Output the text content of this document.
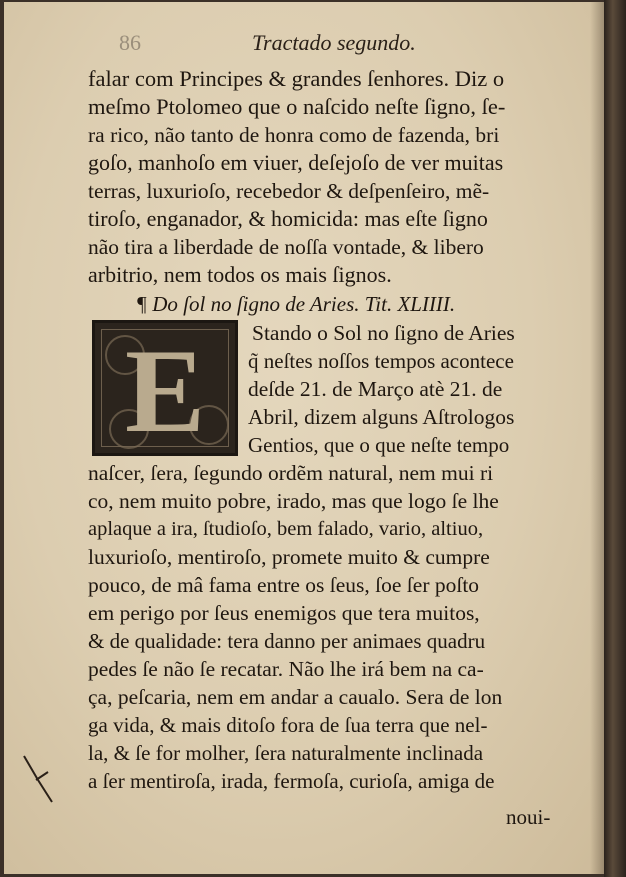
86	Tractado segundo.
falar com Principes & grandes ſenhores. Diz o
meſmo Ptolomeo que o naſcido neſte ſigno, ſe-
ra rico, não tanto de honra como de fazenda, bri
goſo, manhoſo em viuer, deſejoſo de ver muitas
terras, luxurioſo, recebedor & deſpenſeiro, mẽ-
tiroſo, enganador, & homicida: mas eſte ſigno
não tira a liberdade de noſſa vontade, & libero
arbitrio, nem todos os mais ſignos.
¶ Do ſol no ſigno de Aries. Tit. XLIIII.
E	Stando o Sol no ſigno de Aries
q̃ neſtes noſſos tempos acontece
deſde 21. de Março atè 21. de
Abril, dizem alguns Aſtrologos
Gentios, que o que neſte tempo
naſcer, ſera, ſegundo ordẽm natural, nem mui ri
co, nem muito pobre, irado, mas que logo ſe lhe
aplaque a ira, ſtudioſo, bem falado, vario, altiuo,
luxurioſo, mentiroſo, promete muito & cumpre
pouco, de mâ fama entre os ſeus, ſoe ſer poſto
em perigo por ſeus enemigos que tera muitos,
& de qualidade: tera danno per animaes quadru
pedes ſe não ſe recatar. Não lhe irá bem na ca-
ça, peſcaria, nem em andar a caualo. Sera de lon
ga vida, & mais ditoſo fora de ſua terra que nel-
la, & ſe for molher, ſera naturalmente inclinada
a ſer mentiroſa, irada, fermoſa, curioſa, amiga de
noui-
